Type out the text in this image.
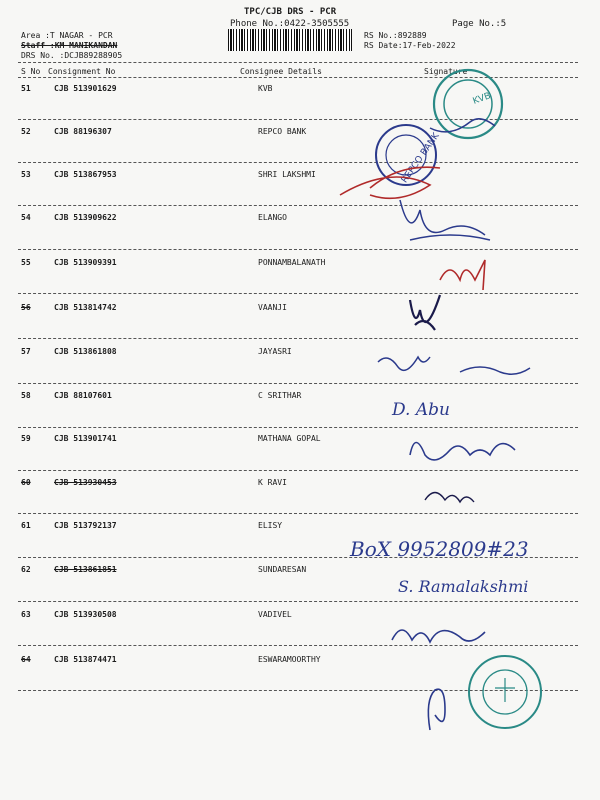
TPC/CJB DRS - PCR
Phone No.:0422-3505555	Page No.:5
Area :T NAGAR - PCR
Staff :KM MANIKANDAN
DRS No. :DCJB89288905
RS No.:892889
RS Date:17-Feb-2022
S No Consignment No	Consignee Details	Signature
51	CJB 513901629	KVB
52	CJB 88196307	REPCO BANK
53	CJB 513867953	SHRI LAKSHMI
54	CJB 513909622	ELANGO
55	CJB 513909391	PONNAMBALANATH
56	CJB 513814742	VAANJI
57	CJB 513861808	JAYASRI
58	CJB 88107601	C SRITHAR
59	CJB 513901741	MATHANA GOPAL
60	CJB 513930453	K RAVI
61	CJB 513792137	ELISY
62	CJB 513861851	SUNDARESAN
63	CJB 513930508	VADIVEL
64	CJB 513874471	ESWARAMOORTHY
KVB
REPCO BANK
D. Abu
BoX 9952809#23
S. Ramalakshmi
